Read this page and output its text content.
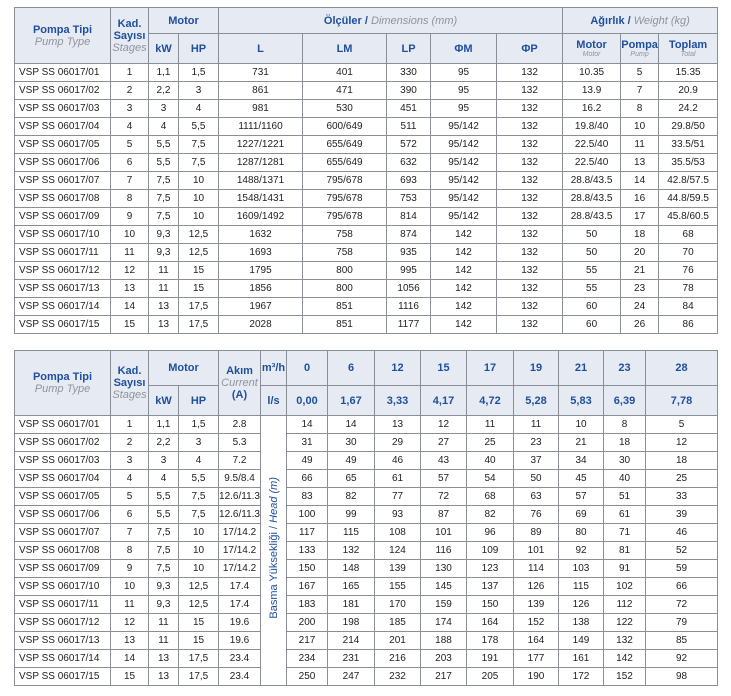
Pompa Tipi
Pump Type	Kad.
Sayısı
Stages	Motor		Ölçüler / Dimensions (mm)					Ağırlık / Weight (kg)		
		kW	HP	L	LM	LP	ΦM	ΦP	Motor
Motor	Pompa
Pump	Toplam
Total

VSP SS 06017/01	1	1,1	1,5	731	401	330	95	132	10.35	5	15.35
VSP SS 06017/02	2	2,2	3	861	471	390	95	132	13.9	7	20.9
VSP SS 06017/03	3	3	4	981	530	451	95	132	16.2	8	24.2
VSP SS 06017/04	4	4	5,5	1111/1160	600/649	511	95/142	132	19.8/40	10	29.8/50
VSP SS 06017/05	5	5,5	7,5	1227/1221	655/649	572	95/142	132	22.5/40	11	33.5/51
VSP SS 06017/06	6	5,5	7,5	1287/1281	655/649	632	95/142	132	22.5/40	13	35.5/53
VSP SS 06017/07	7	7,5	10	1488/1371	795/678	693	95/142	132	28.8/43.5	14	42.8/57.5
VSP SS 06017/08	8	7,5	10	1548/1431	795/678	753	95/142	132	28.8/43.5	16	44.8/59.5
VSP SS 06017/09	9	7,5	10	1609/1492	795/678	814	95/142	132	28.8/43.5	17	45.8/60.5
VSP SS 06017/10	10	9,3	12,5	1632	758	874	142	132	50	18	68
VSP SS 06017/11	11	9,3	12,5	1693	758	935	142	132	50	20	70
VSP SS 06017/12	12	11	15	1795	800	995	142	132	55	21	76
VSP SS 06017/13	13	11	15	1856	800	1056	142	132	55	23	78
VSP SS 06017/14	14	13	17,5	1967	851	1116	142	132	60	24	84
VSP SS 06017/15	15	13	17,5	2028	851	1177	142	132	60	26	86
Pompa Tipi
Pump Type	Kad.
Sayısı
Stages	Motor		Akım
Current
(A)	m³/h	0	6	12	15	17	19	21	23	28
		kW	HP		l/s	0,00	1,67	3,33	4,17	4,72	5,28	5,83	6,39	7,78
VSP SS 06017/01	1	1,1	1,5	2.8	Basma Yüksekliği / Head (m)	14	14	13	12	11	11	10	8	5
VSP SS 06017/02	2	2,2	3	5.3		31	30	29	27	25	23	21	18	12
VSP SS 06017/03	3	3	4	7.2		49	49	46	43	40	37	34	30	18
VSP SS 06017/04	4	4	5,5	9.5/8.4		66	65	61	57	54	50	45	40	25
VSP SS 06017/05	5	5,5	7,5	12.6/11.3		83	82	77	72	68	63	57	51	33
VSP SS 06017/06	6	5,5	7,5	12.6/11.3		100	99	93	87	82	76	69	61	39
VSP SS 06017/07	7	7,5	10	17/14.2		117	115	108	101	96	89	80	71	46
VSP SS 06017/08	8	7,5	10	17/14.2		133	132	124	116	109	101	92	81	52
VSP SS 06017/09	9	7,5	10	17/14.2		150	148	139	130	123	114	103	91	59
VSP SS 06017/10	10	9,3	12,5	17.4		167	165	155	145	137	126	115	102	66
VSP SS 06017/11	11	9,3	12,5	17.4		183	181	170	159	150	139	126	112	72
VSP SS 06017/12	12	11	15	19.6		200	198	185	174	164	152	138	122	79
VSP SS 06017/13	13	11	15	19.6		217	214	201	188	178	164	149	132	85
VSP SS 06017/14	14	13	17,5	23.4		234	231	216	203	191	177	161	142	92
VSP SS 06017/15	15	13	17,5	23.4		250	247	232	217	205	190	172	152	98
